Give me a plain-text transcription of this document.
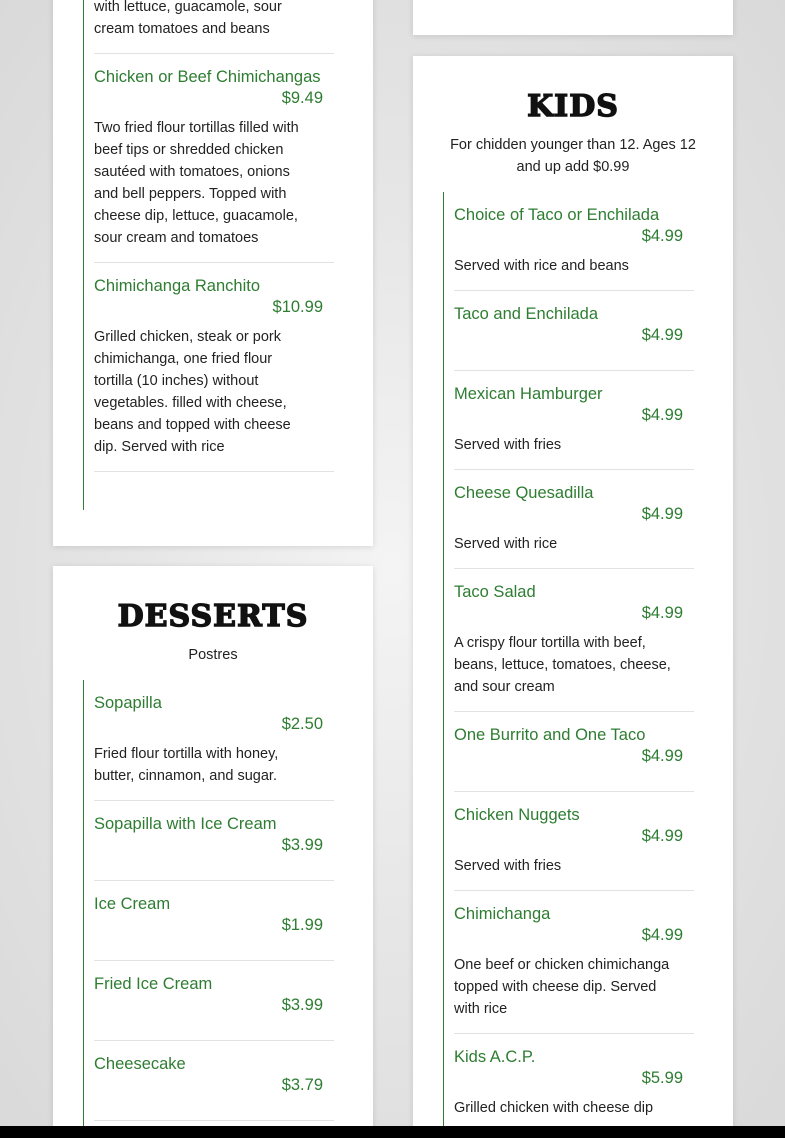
with lettuce, guacamole, sour cream tomatoes and beans
Chicken or Beef Chimichangas
$9.49
Two fried flour tortillas filled with beef tips or shredded chicken sautéed with tomatoes, onions and bell peppers. Topped with cheese dip, lettuce, guacamole, sour cream and tomatoes
Chimichanga Ranchito
$10.99
Grilled chicken, steak or pork chimichanga, one fried flour tortilla (10 inches) without vegetables. filled with cheese, beans and topped with cheese dip. Served with rice
DESSERTS
Postres
Sopapilla
$2.50
Fried flour tortilla with honey, butter, cinnamon, and sugar.
Sopapilla with Ice Cream
$3.99
Ice Cream
$1.99
Fried Ice Cream
$3.99
Cheesecake
$3.79
KIDS
For chidden younger than 12. Ages 12 and up add $0.99
Choice of Taco or Enchilada
$4.99
Served with rice and beans
Taco and Enchilada
$4.99
Mexican Hamburger
$4.99
Served with fries
Cheese Quesadilla
$4.99
Served with rice
Taco Salad
$4.99
A crispy flour tortilla with beef, beans, lettuce, tomatoes, cheese, and sour cream
One Burrito and One Taco
$4.99
Chicken Nuggets
$4.99
Served with fries
Chimichanga
$4.99
One beef or chicken chimichanga topped with cheese dip. Served with rice
Kids A.C.P.
$5.99
Grilled chicken with cheese dip
